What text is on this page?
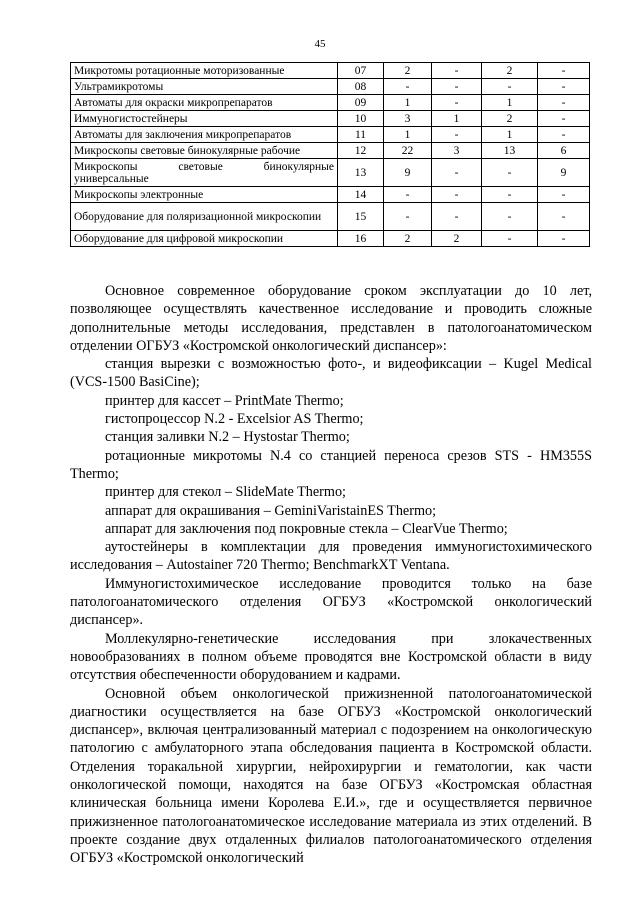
45
Микротомы ротационные моторизованные	07	2	-	2	-
Ультрамикротомы	08	-	-	-	-
Автоматы для окраски микропрепаратов	09	1	-	1	-
Иммуногистостейнеры	10	3	1	2	-
Автоматы для заключения микропрепаратов	11	1	-	1	-
Микроскопы световые бинокулярные рабочие	12	22	3	13	6
Микроскопы световые бинокулярные универсальные	13	9	-	-	9
Микроскопы электронные	14	-	-	-	-
Оборудование для поляризационной микроскопии	15	-	-	-	-
Оборудование для цифровой микроскопии	16	2	2	-	-

Основное современное оборудование сроком эксплуатации до 10 лет, позволяющее осуществлять качественное исследование и проводить сложные дополнительные методы исследования, представлен в патологоанатомическом отделении ОГБУЗ «Костромской онкологический диспансер»:

станция вырезки с возможностью фото-, и видеофиксации – Kugel Medical (VCS-1500 BasiCine);

принтер для кассет – PrintMate Thermo;

гистопроцессор N.2 - Excelsior AS Thermo;

станция заливки N.2 – Hystostar Thermo;

ротационные микротомы N.4 со станцией переноса срезов STS - HM355S Thermo;

принтер для стекол – SlideMate Thermo;

аппарат для окрашивания – GeminiVaristainES Thermo;

аппарат для заключения под покровные стекла – ClearVue Thermo;

аутостейнеры в комплектации для проведения иммуногистохимического исследования – Autostainer 720 Thermo; BenchmarkXT Ventana.

Иммуногистохимическое исследование проводится только на базе патологоанатомического отделения ОГБУЗ «Костромской онкологический диспансер».

Моллекулярно-генетические исследования при злокачественных новообразованиях в полном объеме проводятся вне Костромской области в виду отсутствия обеспеченности оборудованием и кадрами.

Основной объем онкологической прижизненной патологоанатомической диагностики осуществляется на базе ОГБУЗ «Костромской онкологический диспансер», включая централизованный материал с подозрением на онкологическую патологию с амбулаторного этапа обследования пациента в Костромской области. Отделения торакальной хирургии, нейрохирургии и гематологии, как части онкологической помощи, находятся на базе ОГБУЗ «Костромская областная клиническая больница имени Королева Е.И.», где и осуществляется первичное прижизненное патологоанатомическое исследование материала из этих отделений. В проекте создание двух отдаленных филиалов патологоанатомического отделения ОГБУЗ «Костромской онкологический
